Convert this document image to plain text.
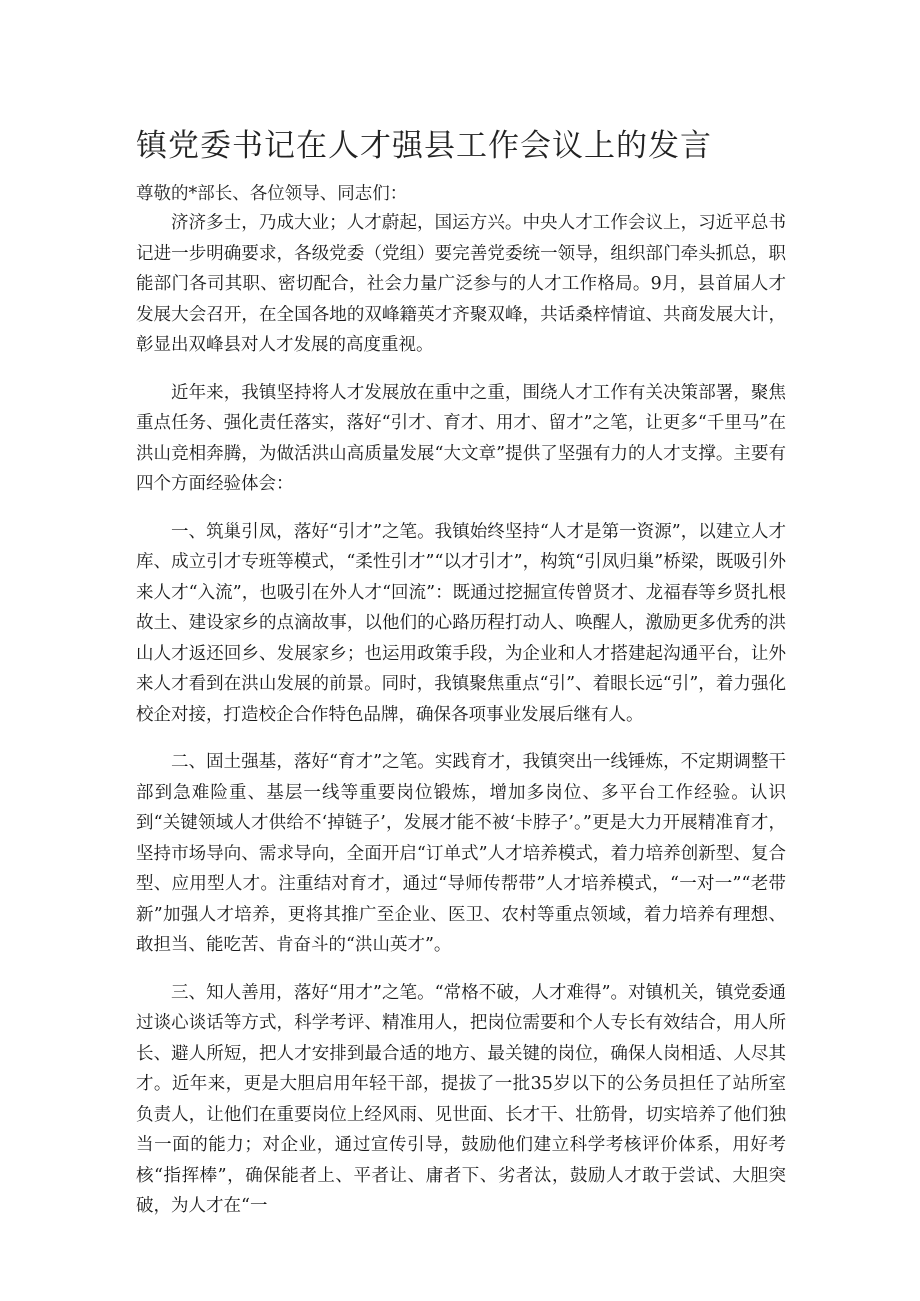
镇党委书记在人才强县工作会议上的发言

尊敬的*部长、各位领导、同志们：

济济多士，乃成大业；人才蔚起，国运方兴。中央人才工作会议上，习近平总书记进一步明确要求，各级党委（党组）要完善党委统一领导，组织部门牵头抓总，职能部门各司其职、密切配合，社会力量广泛参与的人才工作格局。9月，县首届人才发展大会召开，在全国各地的双峰籍英才齐聚双峰，共话桑梓情谊、共商发展大计，彰显出双峰县对人才发展的高度重视。

近年来，我镇坚持将人才发展放在重中之重，围绕人才工作有关决策部署，聚焦重点任务、强化责任落实，落好“引才、育才、用才、留才”之笔，让更多“千里马”在洪山竞相奔腾，为做活洪山高质量发展“大文章”提供了坚强有力的人才支撑。主要有四个方面经验体会：

一、筑巢引凤，落好“引才”之笔。我镇始终坚持“人才是第一资源”，以建立人才库、成立引才专班等模式，“柔性引才”“以才引才”，构筑“引凤归巢”桥梁，既吸引外来人才“入流”，也吸引在外人才“回流”：既通过挖掘宣传曾贤才、龙福春等乡贤扎根故土、建设家乡的点滴故事，以他们的心路历程打动人、唤醒人，激励更多优秀的洪山人才返还回乡、发展家乡；也运用政策手段，为企业和人才搭建起沟通平台，让外来人才看到在洪山发展的前景。同时，我镇聚焦重点“引”、着眼长远“引”，着力强化校企对接，打造校企合作特色品牌，确保各项事业发展后继有人。

二、固土强基，落好“育才”之笔。实践育才，我镇突出一线锤炼，不定期调整干部到急难险重、基层一线等重要岗位锻炼，增加多岗位、多平台工作经验。认识到“关键领域人才供给不‘掉链子’，发展才能不被‘卡脖子’。”更是大力开展精准育才，坚持市场导向、需求导向，全面开启“订单式”人才培养模式，着力培养创新型、复合型、应用型人才。注重结对育才，通过“导师传帮带”人才培养模式，“一对一”“老带新”加强人才培养，更将其推广至企业、医卫、农村等重点领域，着力培养有理想、敢担当、能吃苦、肯奋斗的“洪山英才”。

三、知人善用，落好“用才”之笔。“常格不破，人才难得”。对镇机关，镇党委通过谈心谈话等方式，科学考评、精准用人，把岗位需要和个人专长有效结合，用人所长、避人所短，把人才安排到最合适的地方、最关键的岗位，确保人岗相适、人尽其才。近年来，更是大胆启用年轻干部，提拔了一批35岁以下的公务员担任了站所室负责人，让他们在重要岗位上经风雨、见世面、长才干、壮筋骨，切实培养了他们独当一面的能力；对企业，通过宣传引导，鼓励他们建立科学考核评价体系，用好考核“指挥棒”，确保能者上、平者让、庸者下、劣者汰，鼓励人才敢于尝试、大胆突破，为人才在“一
